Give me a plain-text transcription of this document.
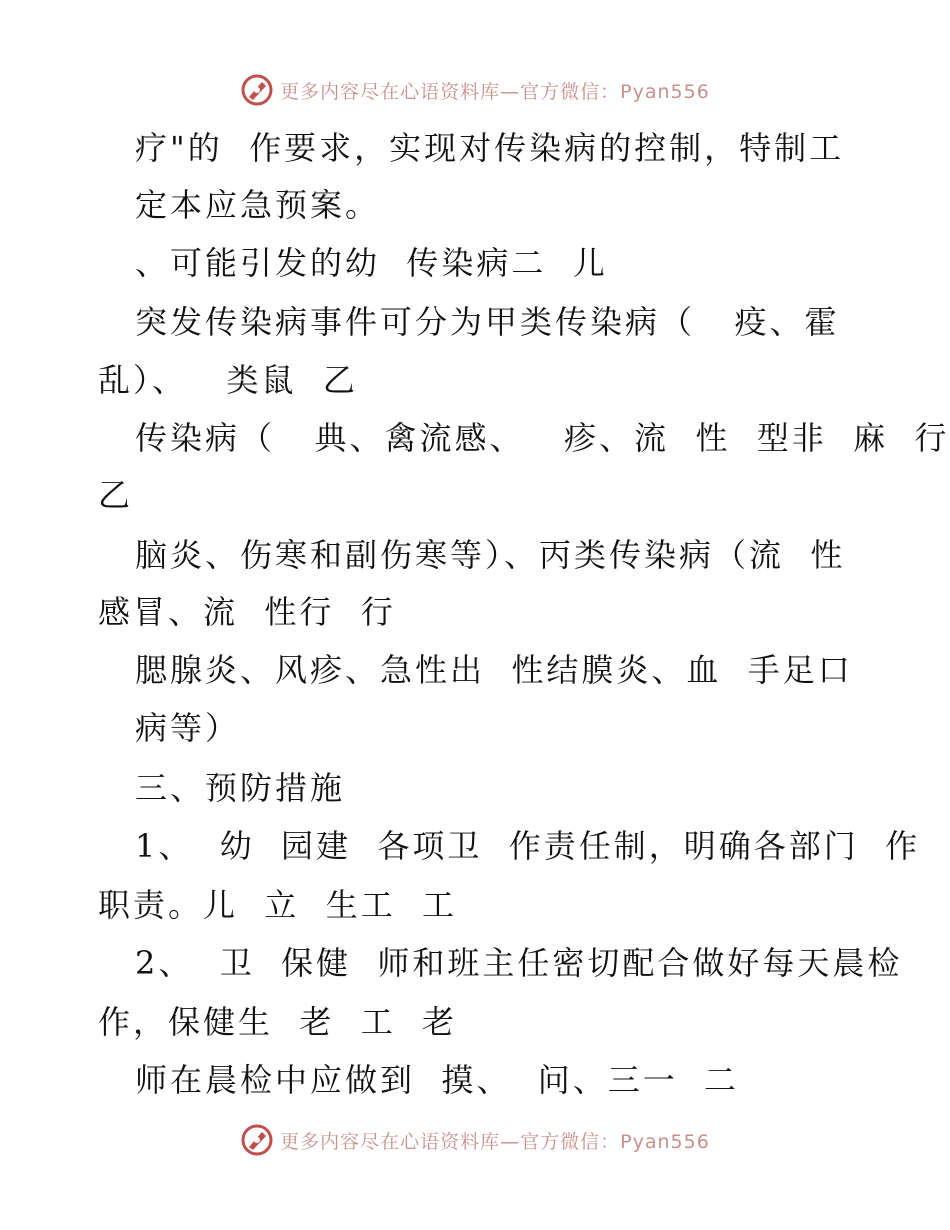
更多内容尽在心语资料库—官方微信：Pyan556
疗"的  作要求，实现对传染病的控制，特制工
定本应急预案。
、可能引发的幼  传染病二  儿
突发传染病事件可分为甲类传染病（   疫、霍
乱）、   类鼠  乙
传染病（   典、禽流感、   疹、流  性  型非  麻  行
乙
脑炎、伤寒和副伤寒等）、丙类传染病（流  性
感冒、流  性行  行
腮腺炎、风疹、急性出  性结膜炎、血  手足口
病等）
三、预防措施
1、  幼  园建  各项卫  作责任制，明确各部门  作
职责。儿  立  生工  工
2、  卫  保健  师和班主任密切配合做好每天晨检
作，保健生  老  工  老
师在晨检中应做到  摸、  问、三一  二
更多内容尽在心语资料库—官方微信：Pyan556
